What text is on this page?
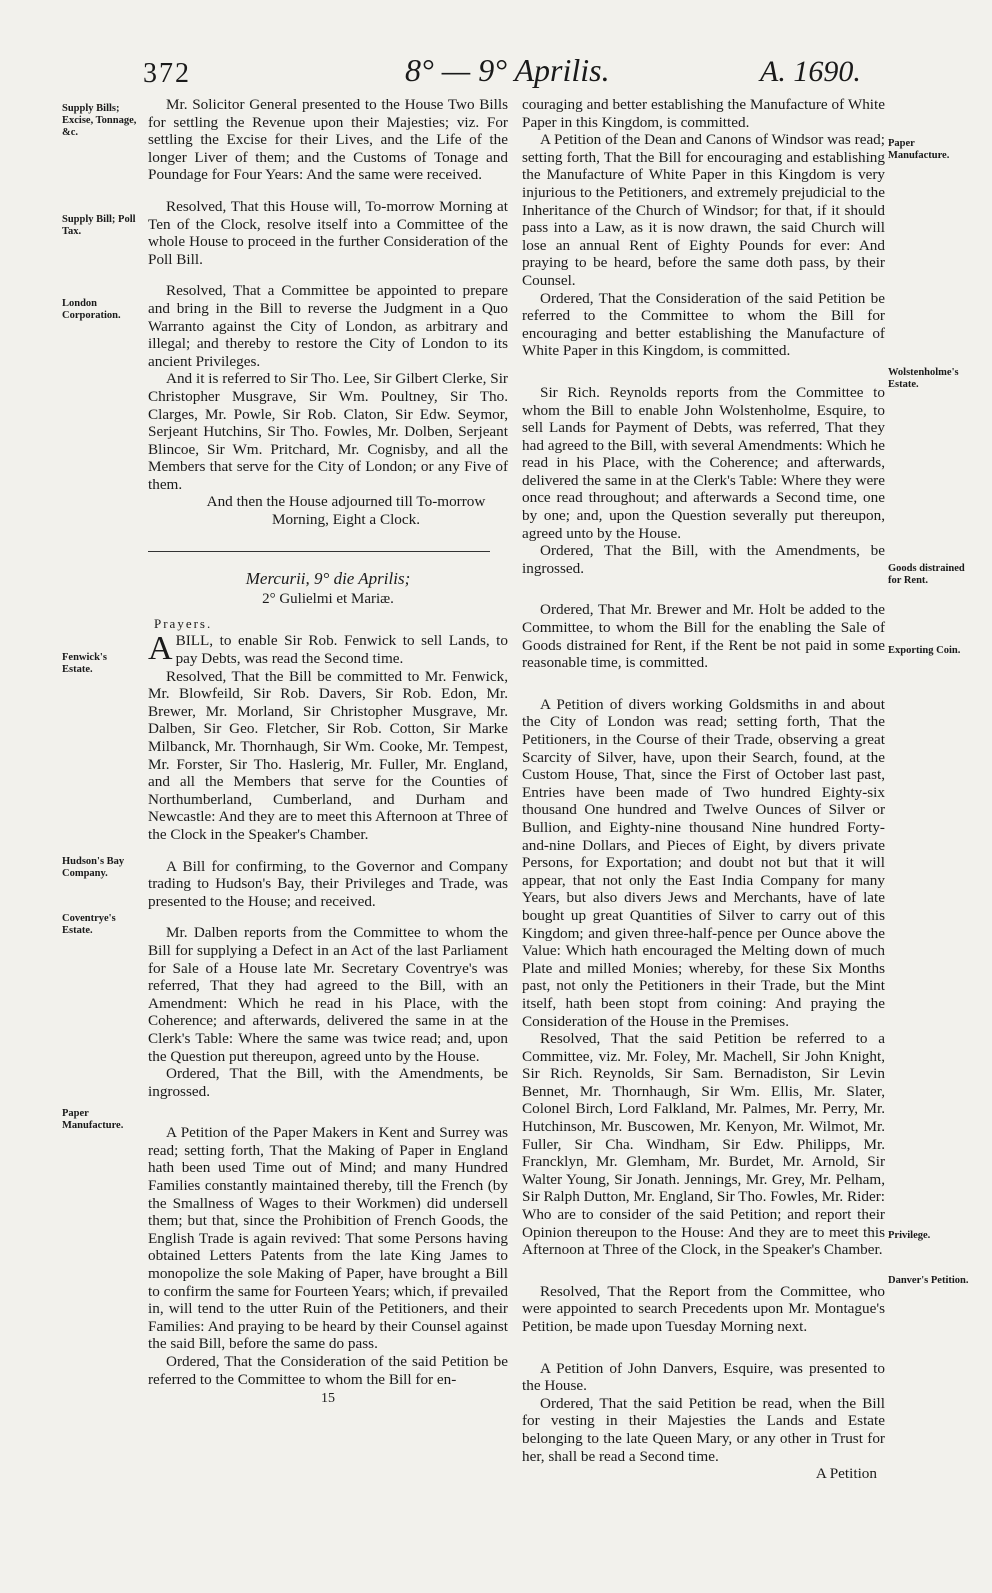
372	8° — 9° Aprilis.	A. 1690.
Supply Bills; Excise, Tonnage, &c.
Supply Bill; Poll Tax.
London Corporation.
Fenwick's Estate.
Hudson's Bay Company.
Coventrye's Estate.
Paper Manufacture.
Paper Manufacture.
Wolstenholme's Estate.
Goods distrained for Rent.
Exporting Coin.
Privilege.
Danver's Petition.

Mr. Solicitor General presented to the House Two Bills for settling the Revenue upon their Majesties; viz. For settling the Excise for their Lives, and the Life of the longer Liver of them; and the Customs of Tonage and Poundage for Four Years: And the same were received.

Resolved, That this House will, To-morrow Morning at Ten of the Clock, resolve itself into a Committee of the whole House to proceed in the further Consideration of the Poll Bill.

Resolved, That a Committee be appointed to prepare and bring in the Bill to reverse the Judgment in a Quo Warranto against the City of London, as arbitrary and illegal; and thereby to restore the City of London to its ancient Privileges.

And it is referred to Sir Tho. Lee, Sir Gilbert Clerke, Sir Christopher Musgrave, Sir Wm. Poultney, Sir Tho. Clarges, Mr. Powle, Sir Rob. Claton, Sir Edw. Seymor, Serjeant Hutchins, Sir Tho. Fowles, Mr. Dolben, Serjeant Blincoe, Sir Wm. Pritchard, Mr. Cognisby, and all the Members that serve for the City of London; or any Five of them.

And then the House adjourned till To-morrow Morning, Eight a Clock.

Mercurii, 9° die Aprilis;
2° Gulielmi et Mariæ.
Prayers.

ABILL, to enable Sir Rob. Fenwick to sell Lands, to pay Debts, was read the Second time.

Resolved, That the Bill be committed to Mr. Fenwick, Mr. Blowfeild, Sir Rob. Davers, Sir Rob. Edon, Mr. Brewer, Mr. Morland, Sir Christopher Musgrave, Mr. Dalben, Sir Geo. Fletcher, Sir Rob. Cotton, Sir Marke Milbanck, Mr. Thornhaugh, Sir Wm. Cooke, Mr. Tempest, Mr. Forster, Sir Tho. Haslerig, Mr. Fuller, Mr. England, and all the Members that serve for the Counties of Northumberland, Cumberland, and Durham and Newcastle: And they are to meet this Afternoon at Three of the Clock in the Speaker's Chamber.

A Bill for confirming, to the Governor and Company trading to Hudson's Bay, their Privileges and Trade, was presented to the House; and received.

Mr. Dalben reports from the Committee to whom the Bill for supplying a Defect in an Act of the last Parliament for Sale of a House late Mr. Secretary Coventrye's was referred, That they had agreed to the Bill, with an Amendment: Which he read in his Place, with the Coherence; and afterwards, delivered the same in at the Clerk's Table: Where the same was twice read; and, upon the Question put thereupon, agreed unto by the House.

Ordered, That the Bill, with the Amendments, be ingrossed.

A Petition of the Paper Makers in Kent and Surrey was read; setting forth, That the Making of Paper in England hath been used Time out of Mind; and many Hundred Families constantly maintained thereby, till the French (by the Smallness of Wages to their Workmen) did undersell them; but that, since the Prohibition of French Goods, the English Trade is again revived: That some Persons having obtained Letters Patents from the late King James to monopolize the sole Making of Paper, have brought a Bill to confirm the same for Fourteen Years; which, if prevailed in, will tend to the utter Ruin of the Petitioners, and their Families: And praying to be heard by their Counsel against the said Bill, before the same do pass.

Ordered, That the Consideration of the said Petition be referred to the Committee to whom the Bill for en-

15

couraging and better establishing the Manufacture of White Paper in this Kingdom, is committed.

A Petition of the Dean and Canons of Windsor was read; setting forth, That the Bill for encouraging and establishing the Manufacture of White Paper in this Kingdom is very injurious to the Petitioners, and extremely prejudicial to the Inheritance of the Church of Windsor; for that, if it should pass into a Law, as it is now drawn, the said Church will lose an annual Rent of Eighty Pounds for ever: And praying to be heard, before the same doth pass, by their Counsel.

Ordered, That the Consideration of the said Petition be referred to the Committee to whom the Bill for encouraging and better establishing the Manufacture of White Paper in this Kingdom, is committed.

Sir Rich. Reynolds reports from the Committee to whom the Bill to enable John Wolstenholme, Esquire, to sell Lands for Payment of Debts, was referred, That they had agreed to the Bill, with several Amendments: Which he read in his Place, with the Coherence; and afterwards, delivered the same in at the Clerk's Table: Where they were once read throughout; and afterwards a Second time, one by one; and, upon the Question severally put thereupon, agreed unto by the House.

Ordered, That the Bill, with the Amendments, be ingrossed.

Ordered, That Mr. Brewer and Mr. Holt be added to the Committee, to whom the Bill for the enabling the Sale of Goods distrained for Rent, if the Rent be not paid in some reasonable time, is committed.

A Petition of divers working Goldsmiths in and about the City of London was read; setting forth, That the Petitioners, in the Course of their Trade, observing a great Scarcity of Silver, have, upon their Search, found, at the Custom House, That, since the First of October last past, Entries have been made of Two hundred Eighty-six thousand One hundred and Twelve Ounces of Silver or Bullion, and Eighty-nine thousand Nine hundred Forty-and-nine Dollars, and Pieces of Eight, by divers private Persons, for Exportation; and doubt not but that it will appear, that not only the East India Company for many Years, but also divers Jews and Merchants, have of late bought up great Quantities of Silver to carry out of this Kingdom; and given three-half-pence per Ounce above the Value: Which hath encouraged the Melting down of much Plate and milled Monies; whereby, for these Six Months past, not only the Petitioners in their Trade, but the Mint itself, hath been stopt from coining: And praying the Consideration of the House in the Premises.

Resolved, That the said Petition be referred to a Committee, viz. Mr. Foley, Mr. Machell, Sir John Knight, Sir Rich. Reynolds, Sir Sam. Bernadiston, Sir Levin Bennet, Mr. Thornhaugh, Sir Wm. Ellis, Mr. Slater, Colonel Birch, Lord Falkland, Mr. Palmes, Mr. Perry, Mr. Hutchinson, Mr. Buscowen, Mr. Kenyon, Mr. Wilmot, Mr. Fuller, Sir Cha. Windham, Sir Edw. Philipps, Mr. Francklyn, Mr. Glemham, Mr. Burdet, Mr. Arnold, Sir Walter Young, Sir Jonath. Jennings, Mr. Grey, Mr. Pelham, Sir Ralph Dutton, Mr. England, Sir Tho. Fowles, Mr. Rider: Who are to consider of the said Petition; and report their Opinion thereupon to the House: And they are to meet this Afternoon at Three of the Clock, in the Speaker's Chamber.

Resolved, That the Report from the Committee, who were appointed to search Precedents upon Mr. Montague's Petition, be made upon Tuesday Morning next.

A Petition of John Danvers, Esquire, was presented to the House.

Ordered, That the said Petition be read, when the Bill for vesting in their Majesties the Lands and Estate belonging to the late Queen Mary, or any other in Trust for her, shall be read a Second time.

A Petition
